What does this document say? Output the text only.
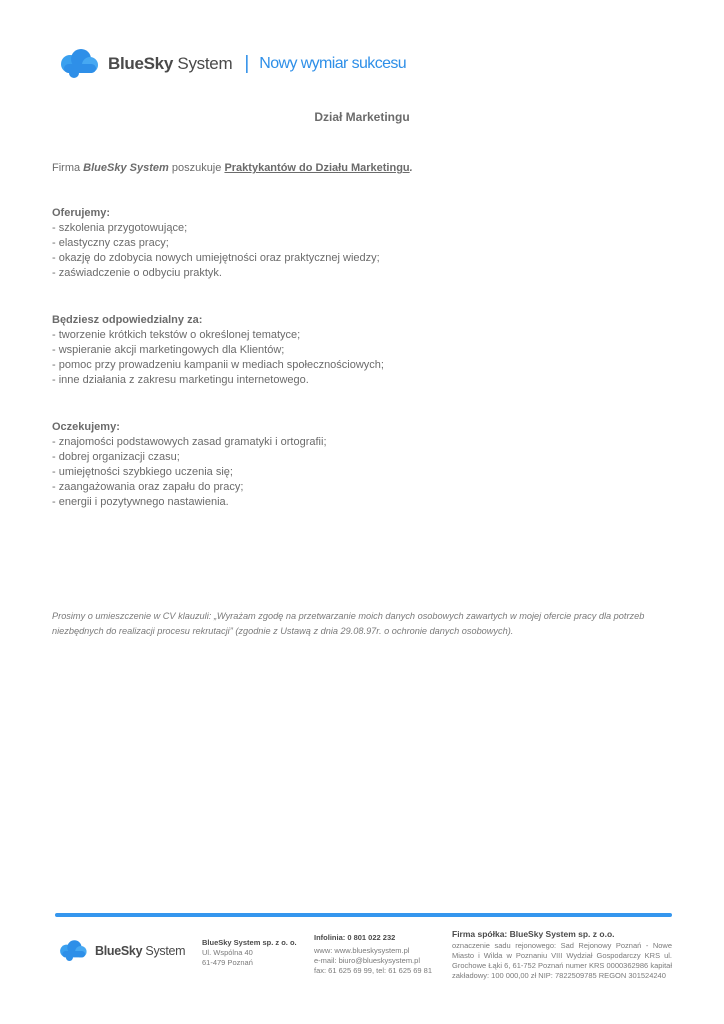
BlueSky System | Nowy wymiar sukcesu
Dział Marketingu
Firma BlueSky System poszukuje Praktykantów do Działu Marketingu.
Oferujemy:
- szkolenia przygotowujące;
- elastyczny czas pracy;
- okazję do zdobycia nowych umiejętności oraz praktycznej wiedzy;
- zaświadczenie o odbyciu praktyk.
Będziesz odpowiedzialny za:
- tworzenie krótkich tekstów o określonej tematyce;
- wspieranie akcji marketingowych dla Klientów;
- pomoc przy prowadzeniu kampanii w mediach społecznościowych;
- inne działania z zakresu marketingu internetowego.
Oczekujemy:
- znajomości podstawowych zasad gramatyki i ortografii;
- dobrej organizacji czasu;
- umiejętności szybkiego uczenia się;
- zaangażowania oraz zapału do pracy;
- energii i pozytywnego nastawienia.
Prosimy o umieszczenie w CV klauzuli: „Wyrażam zgodę na przetwarzanie moich danych osobowych zawartych w mojej ofercie pracy dla potrzeb niezbędnych do realizacji procesu rekrutacji” (zgodnie z Ustawą z dnia 29.08.97r. o ochronie danych osobowych).
BlueSky System
BlueSky System sp. z o. o.
Ul. Wspólna 40
61-479 Poznań
Infolinia: 0 801 022 232
www: www.blueskysystem.pl
e-mail: biuro@blueskysystem.pl
fax: 61 625 69 99, tel: 61 625 69 81
Firma spółka: BlueSky System sp. z o.o.
oznaczenie sadu rejonowego: Sad Rejonowy Poznań - Nowe Miasto i Wilda w Poznaniu VIII Wydział Gospodarczy KRS ul. Grochowe Łąki 6, 61-752 Poznań numer KRS 0000362986 kapitał zakładowy: 100 000,00 zł NIP: 7822509785 REGON 301524240
